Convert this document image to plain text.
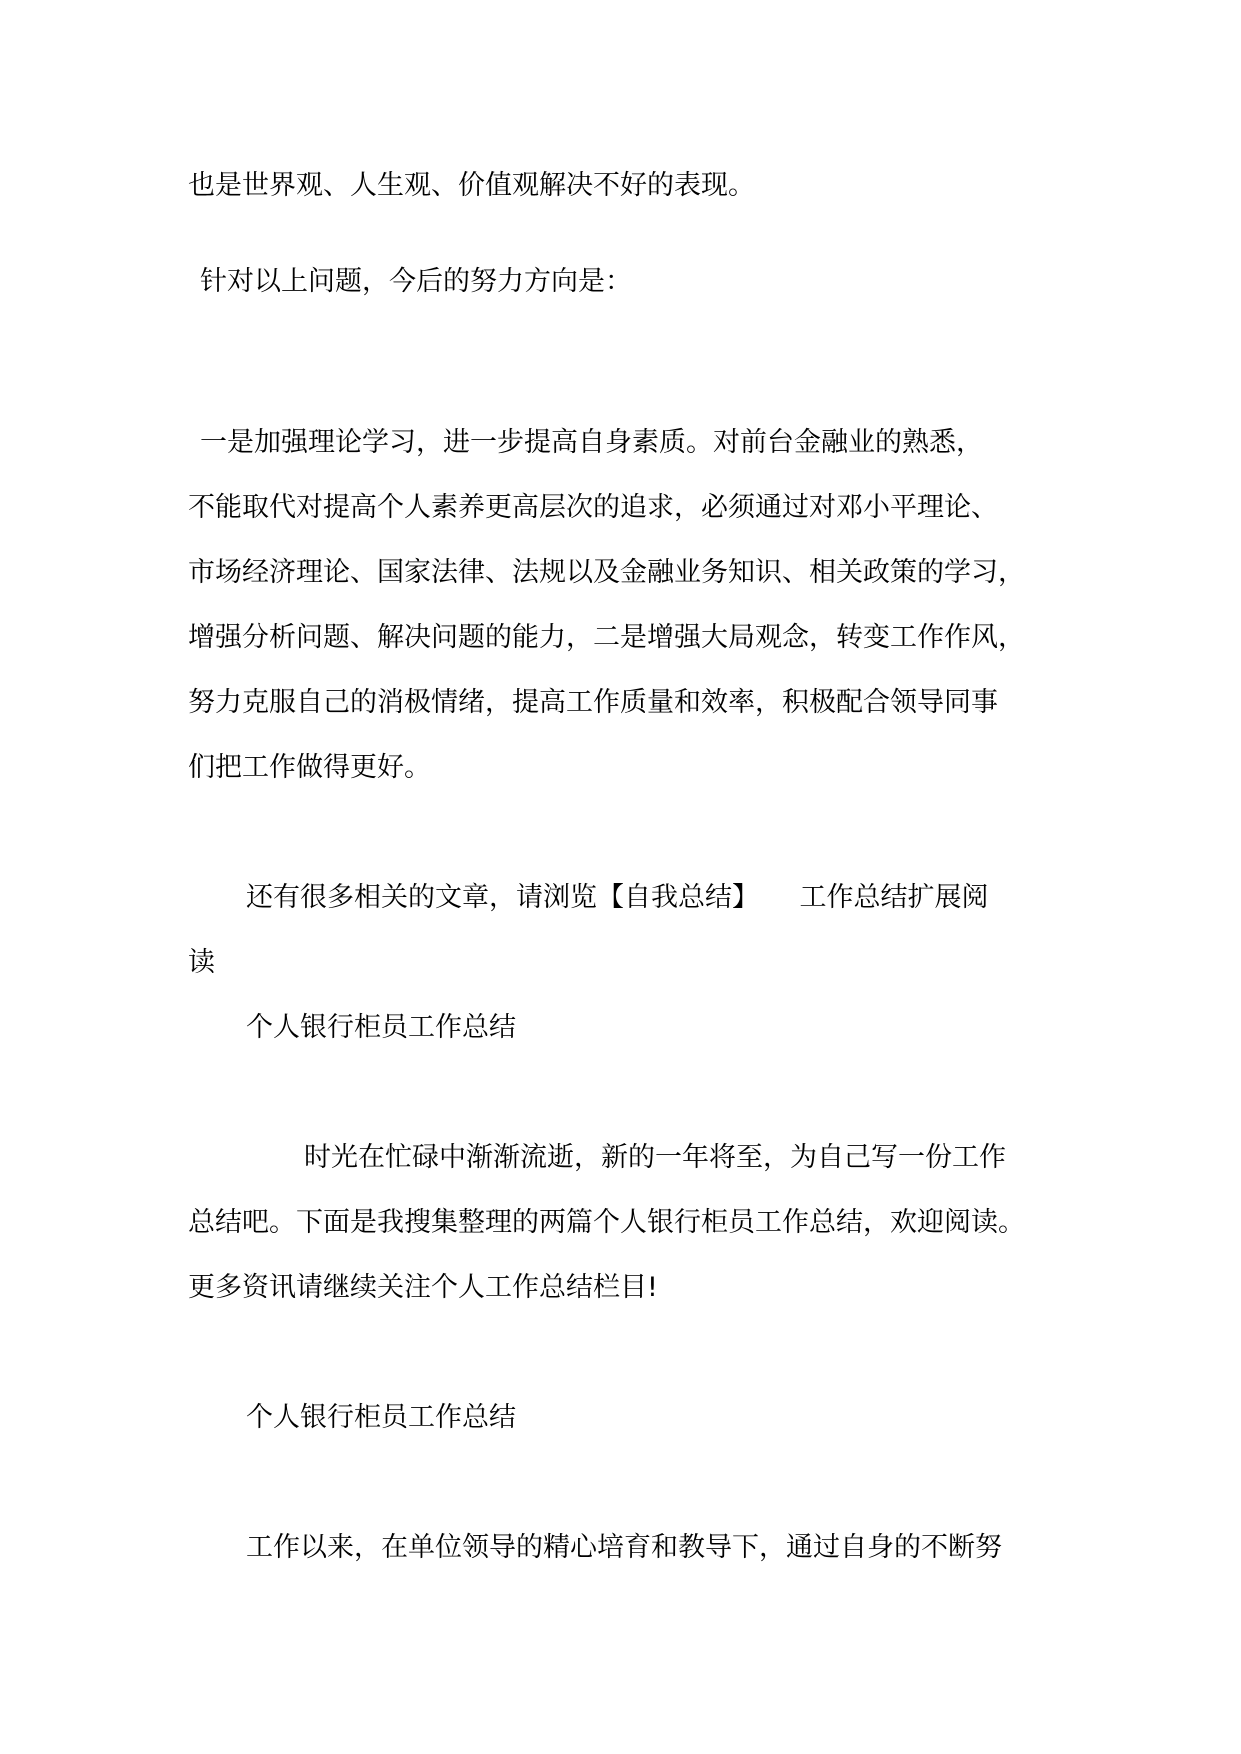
也是世界观、人生观、价值观解决不好的表现。
针对以上问题，今后的努力方向是：
一是加强理论学习，进一步提高自身素质。对前台金融业的熟悉，
不能取代对提高个人素养更高层次的追求，必须通过对邓小平理论、
市场经济理论、国家法律、法规以及金融业务知识、相关政策的学习，
增强分析问题、解决问题的能力，二是增强大局观念，转变工作作风，
努力克服自己的消极情绪，提高工作质量和效率，积极配合领导同事
们把工作做得更好。
还有很多相关的文章，请浏览【自我总结】　　工作总结扩展阅
读
个人银行柜员工作总结
时光在忙碌中渐渐流逝，新的一年将至，为自己写一份工作
总结吧。下面是我搜集整理的两篇个人银行柜员工作总结，欢迎阅读。
更多资讯请继续关注个人工作总结栏目!
个人银行柜员工作总结
工作以来，在单位领导的精心培育和教导下，通过自身的不断努
